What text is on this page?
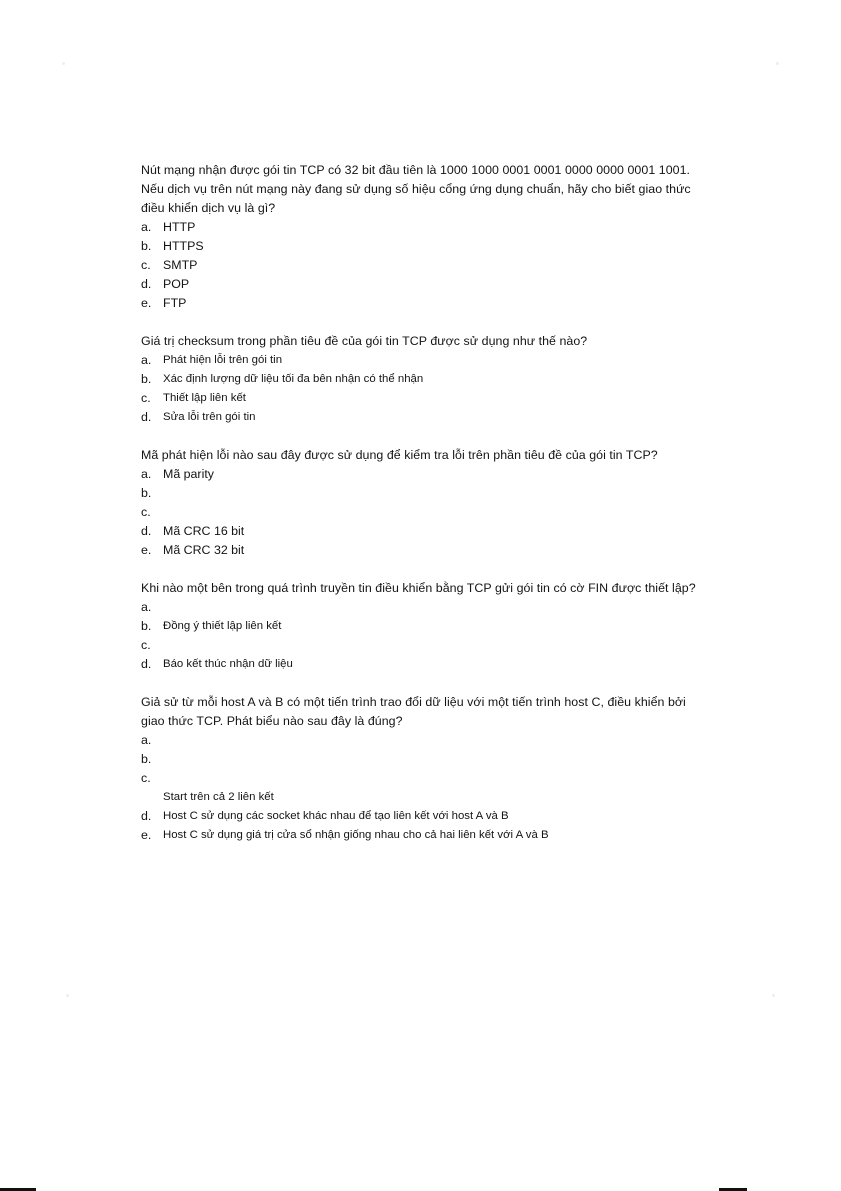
Nút mạng nhận được gói tin TCP có 32 bit đầu tiên là 1000 1000 0001 0001 0000 0000 0001 1001. Nếu dịch vụ trên nút mạng này đang sử dụng số hiệu cổng ứng dụng chuẩn, hãy cho biết giao thức điều khiển dịch vụ là gì?

a. HTTP
b. HTTPS
c. SMTP
d. POP
e. FTP

Giá trị checksum trong phần tiêu đề của gói tin TCP được sử dụng như thế nào?

a.	Phát hiện lỗi trên gói tin
b.	Xác định lượng dữ liệu tối đa bên nhận có thể nhận
c.	Thiết lập liên kết
d.	Sửa lỗi trên gói tin

Mã phát hiện lỗi nào sau đây được sử dụng để kiểm tra lỗi trên phần tiêu đề của gói tin TCP?

a. Mã parity
b.
c.
d. Mã CRC 16 bit
e. Mã CRC 32 bit

Khi nào một bên trong quá trình truyền tin điều khiển bằng TCP gửi gói tin có cờ FIN được thiết lập?

a.
b.	Đồng ý thiết lập liên kết
c.
d.	Báo kết thúc nhận dữ liệu

Giả sử từ mỗi host A và B có một tiến trình trao đổi dữ liệu với một tiến trình host C, điều khiển bởi giao thức TCP. Phát biểu nào sau đây là đúng?

a.
b.
c.
Start trên cả 2 liên kết
d.	Host C sử dụng các socket khác nhau để tạo liên kết với host A và B
e.	Host C sử dụng giá trị cửa sổ nhận giống nhau cho cả hai liên kết với A và B
